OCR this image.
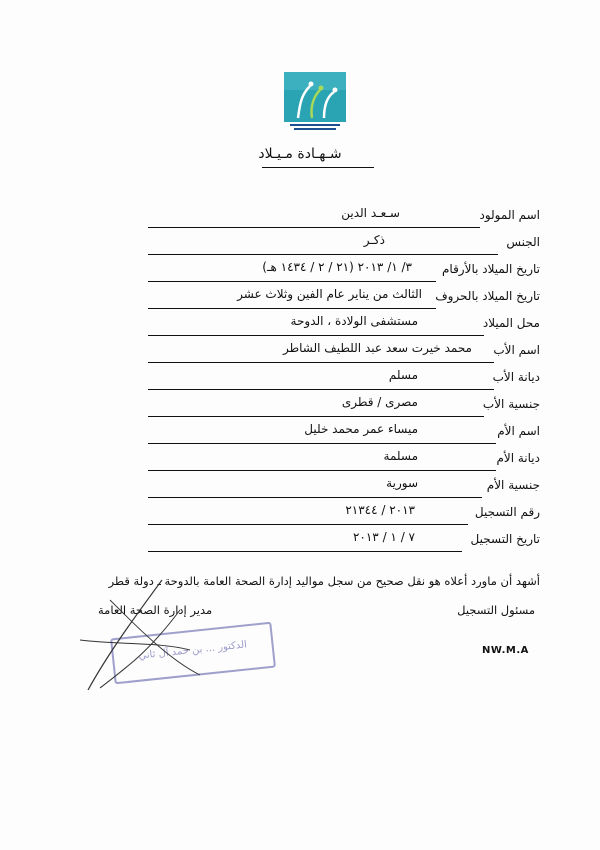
شـهـادة مـيـلاد
اسم المولود
سـعـد الدين
الجنس
ذكـر
تاريخ الميلاد بالأرقام
٣/ ١/ ٢٠١٣ (٢١ / ٢ / ١٤٣٤ هـ)
تاريخ الميلاد بالحروف
الثالث من يناير عام الفين وثلاث عشر
محل الميلاد
مستشفى الولادة ، الدوحة
اسم الأب
محمد خيرت سعد عبد اللطيف الشاطر
ديانة الأب
مسلم
جنسية الأب
مصرى / قطرى
اسم الأم
ميساء عمر محمد خليل
ديانة الأم
مسلمة
جنسية الأم
سورية
رقم التسجيل
٢٠١٣ / ٢١٣٤٤
تاريخ التسجيل
٧ / ١ / ٢٠١٣
أشهد أن ماورد أعلاه هو نقل صحيح من سجل مواليد إدارة الصحة العامة بالدوحة ـ دولة قطر
مسئول التسجيل
مدير إدارة الصحة العامة
NW.M.A
الدكتور ... بن حمد آل ثاني
